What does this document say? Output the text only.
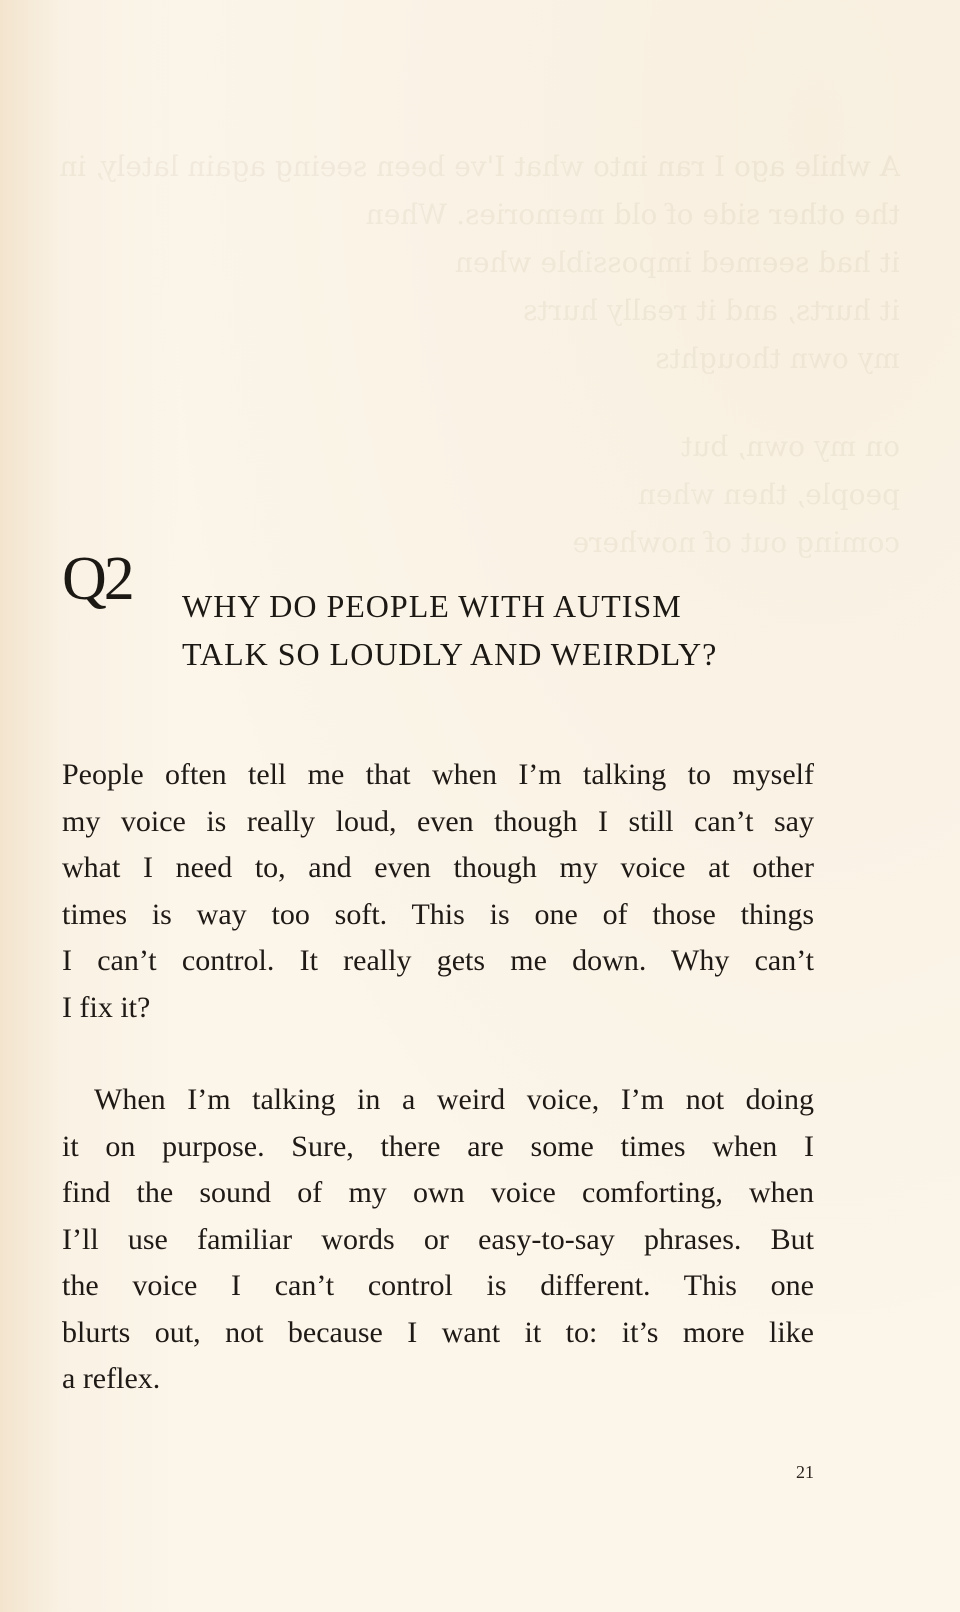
A while ago I ran into what I've been seeing again lately, in
the other side of old memories. When
it had seemed impossible when
it hurts, and it really hurts
my own thoughts
on my own, but
people, then when
coming out of nowhere
Q2 WHY DO PEOPLE WITH AUTISM
TALK SO LOUDLY AND WEIRDLY?
People often tell me that when I’m talking to myself
my voice is really loud, even though I still can’t say
what I need to, and even though my voice at other
times is way too soft. This is one of those things
I can’t control. It really gets me down. Why can’t
I fix it?
When I’m talking in a weird voice, I’m not doing
it on purpose. Sure, there are some times when I
find the sound of my own voice comforting, when
I’ll use familiar words or easy-to-say phrases. But
the voice I can’t control is different. This one
blurts out, not because I want it to: it’s more like
a reflex.
21
